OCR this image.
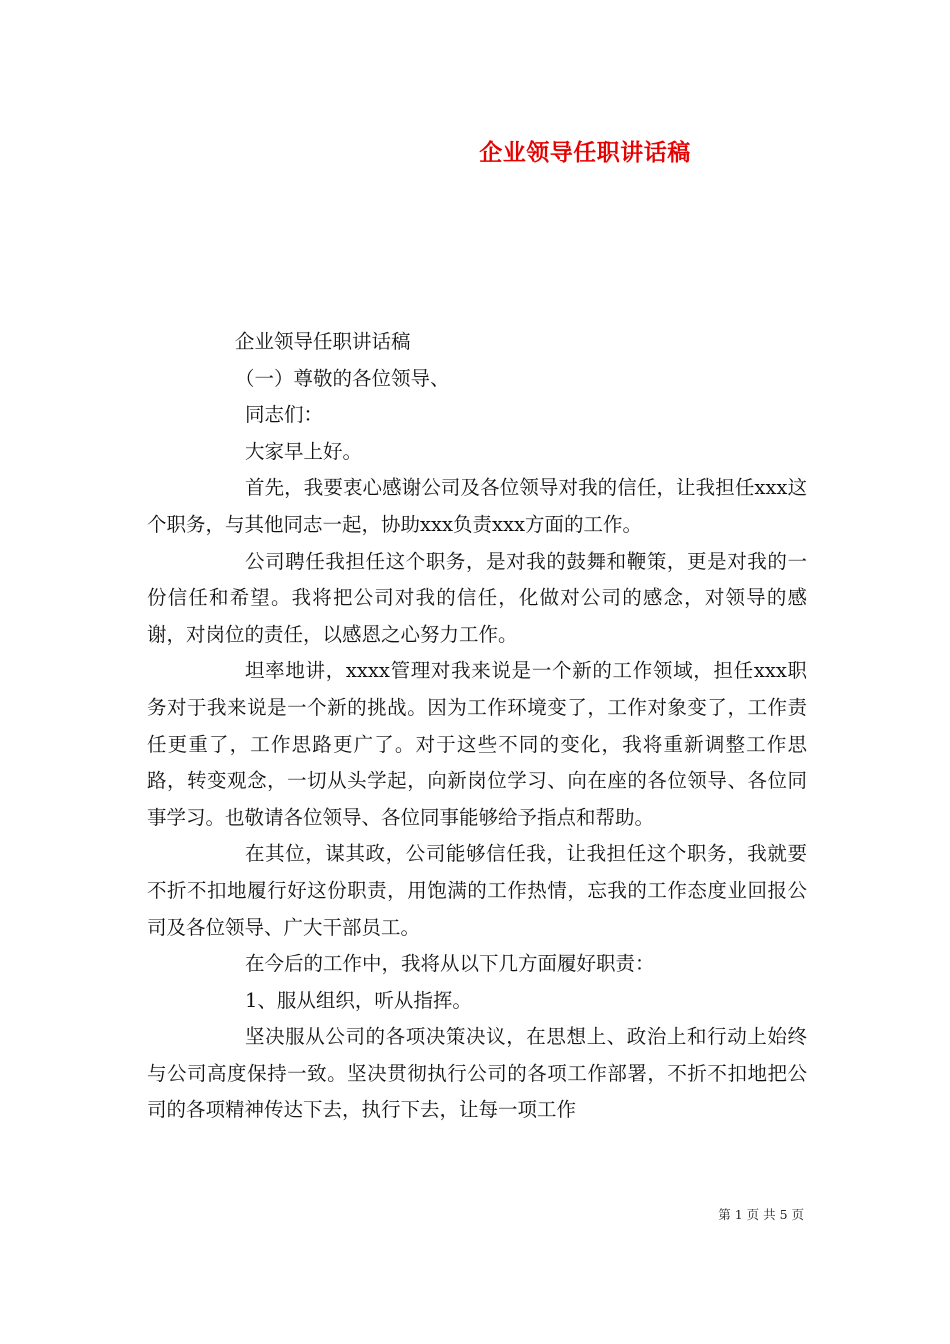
企业领导任职讲话稿

企业领导任职讲话稿

（一）尊敬的各位领导、

同志们：

大家早上好。

首先，我要衷心感谢公司及各位领导对我的信任，让我担任xxx这个职务，与其他同志一起，协助xxx负责xxx方面的工作。

公司聘任我担任这个职务，是对我的鼓舞和鞭策，更是对我的一份信任和希望。我将把公司对我的信任，化做对公司的感念，对领导的感谢，对岗位的责任，以感恩之心努力工作。

坦率地讲，xxxx管理对我来说是一个新的工作领域，担任xxx职务对于我来说是一个新的挑战。因为工作环境变了，工作对象变了，工作责任更重了，工作思路更广了。对于这些不同的变化，我将重新调整工作思路，转变观念，一切从头学起，向新岗位学习、向在座的各位领导、各位同事学习。也敬请各位领导、各位同事能够给予指点和帮助。

在其位，谋其政，公司能够信任我，让我担任这个职务，我就要不折不扣地履行好这份职责，用饱满的工作热情，忘我的工作态度业回报公司及各位领导、广大干部员工。

在今后的工作中，我将从以下几方面履好职责：

1、服从组织，听从指挥。

坚决服从公司的各项决策决议，在思想上、政治上和行动上始终与公司高度保持一致。坚决贯彻执行公司的各项工作部署，不折不扣地把公司的各项精神传达下去，执行下去，让每一项工作

第 1 页 共 5 页
